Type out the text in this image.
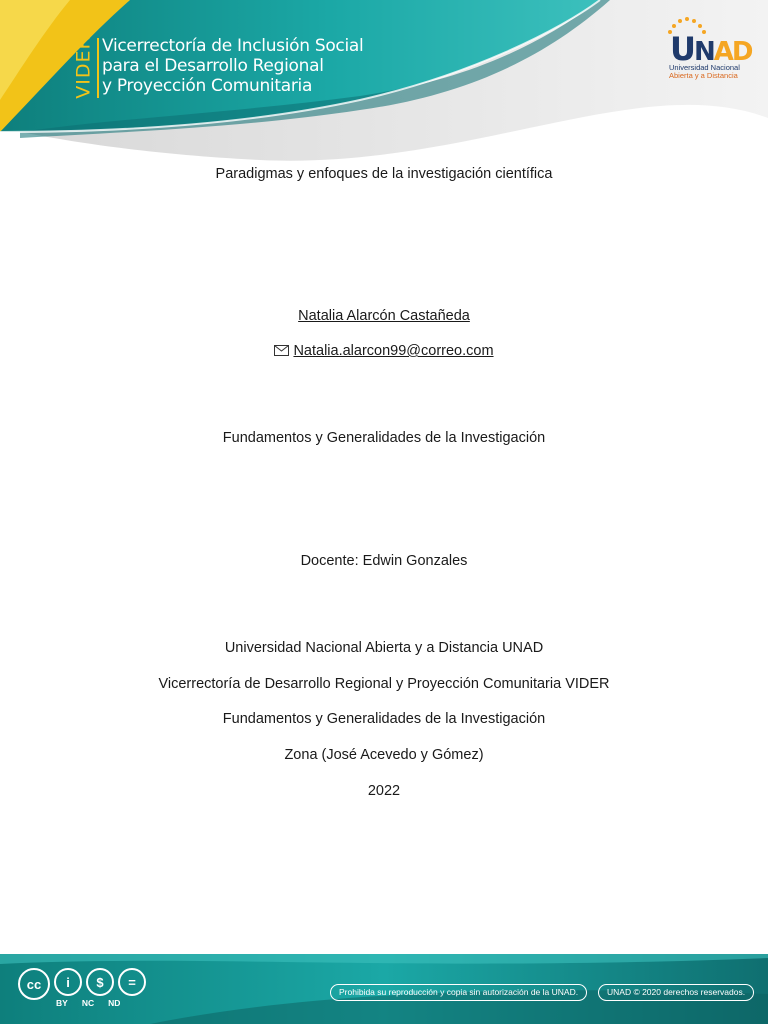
VIDER Vicerrectoría de Inclusión Social
para el Desarrollo Regional
y Proyección Comunitaria
UNAD
Universidad Nacional
Abierta y a Distancia
Paradigmas y enfoques de la investigación científica
Natalia Alarcón Castañeda
Natalia.alarcon99@correo.com
Fundamentos y Generalidades de la Investigación
Docente: Edwin Gonzales
Universidad Nacional Abierta y a Distancia UNAD
Vicerrectoría de Desarrollo Regional y Proyección Comunitaria VIDER
Fundamentos y Generalidades de la Investigación
Zona (José Acevedo y Gómez)
2022
cc	i	$	=
BY NC ND
Prohibida su reproducción y copia sin autorización de la UNAD.	UNAD © 2020 derechos reservados.
